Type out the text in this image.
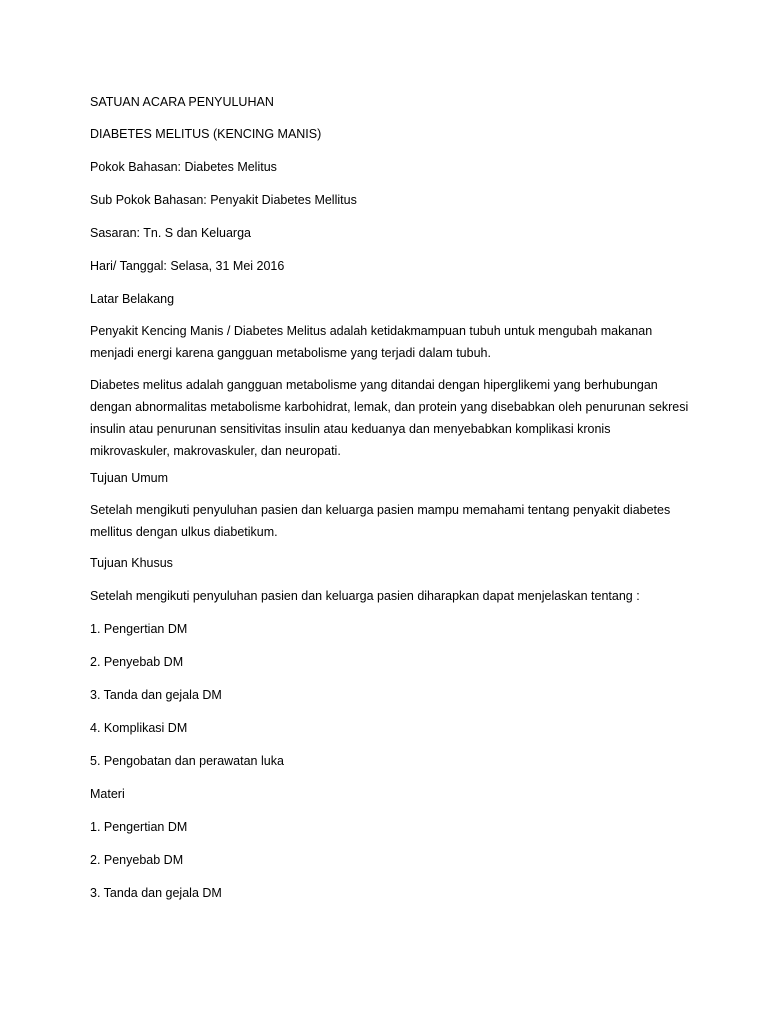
SATUAN ACARA PENYULUHAN
DIABETES MELITUS (KENCING MANIS)
Pokok Bahasan: Diabetes Melitus
Sub Pokok Bahasan: Penyakit Diabetes Mellitus
Sasaran: Tn. S dan Keluarga
Hari/ Tanggal: Selasa, 31 Mei 2016
Latar Belakang
Penyakit Kencing Manis / Diabetes Melitus adalah ketidakmampuan tubuh untuk mengubah makanan menjadi energi karena gangguan metabolisme yang terjadi dalam tubuh.
Diabetes melitus adalah gangguan metabolisme yang ditandai dengan hiperglikemi yang berhubungan dengan abnormalitas metabolisme karbohidrat, lemak, dan protein yang disebabkan oleh penurunan sekresi insulin atau penurunan sensitivitas insulin atau keduanya dan menyebabkan komplikasi kronis mikrovaskuler, makrovaskuler, dan neuropati.
Tujuan Umum
Setelah mengikuti penyuluhan pasien dan keluarga pasien mampu memahami tentang penyakit diabetes mellitus dengan ulkus diabetikum.
Tujuan Khusus
Setelah mengikuti penyuluhan pasien dan keluarga pasien diharapkan dapat menjelaskan tentang :
1. Pengertian DM
2. Penyebab DM
3. Tanda dan gejala DM
4. Komplikasi DM
5. Pengobatan dan perawatan luka
Materi
1. Pengertian DM
2. Penyebab DM
3. Tanda dan gejala DM
